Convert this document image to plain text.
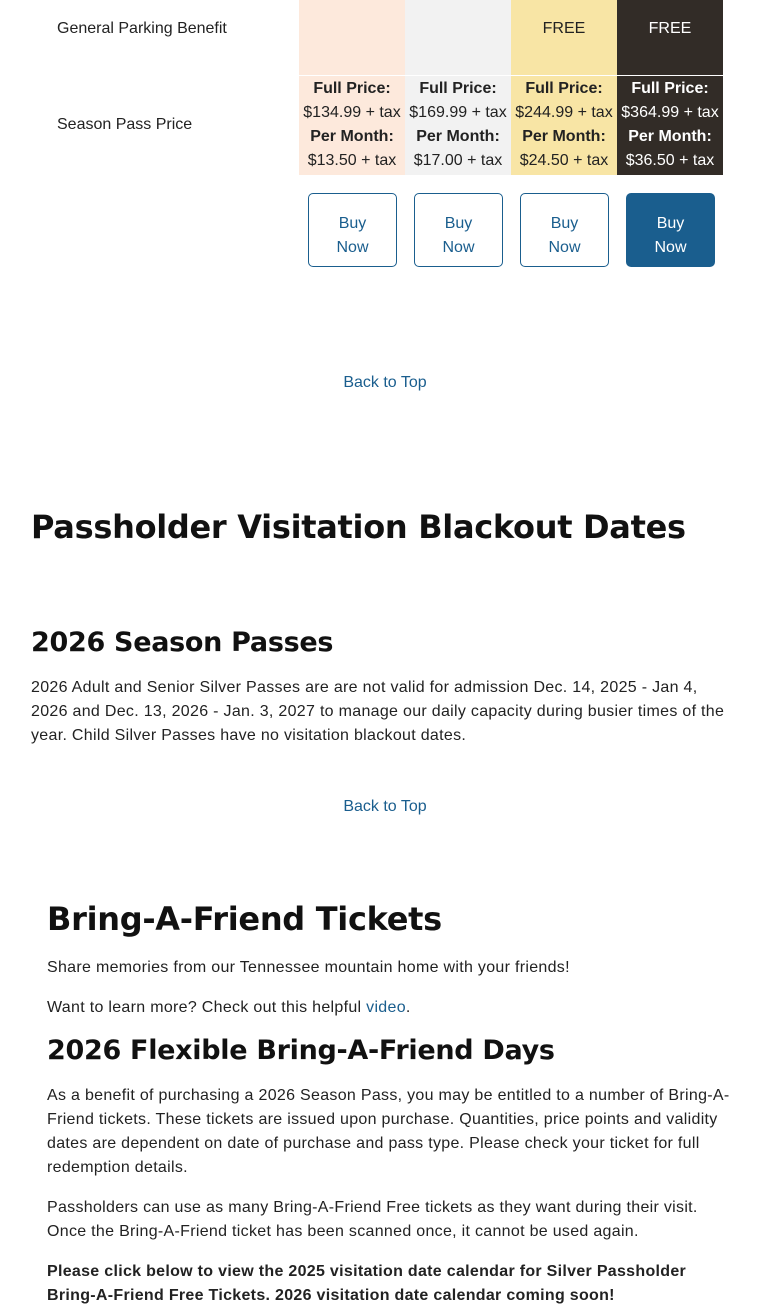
General Parking Benefit
Season Pass Price
FREE	FREE
Full Price:
$134.99 + tax
Per Month:
$13.50 + tax
Full Price:
$169.99 + tax
Per Month:
$17.00 + tax
Full Price:
$244.99 + tax
Per Month:
$24.50 + tax
Full Price:
$364.99 + tax
Per Month:
$36.50 + tax
Buy
Now
Buy
Now
Buy
Now
Buy
Now
Back to Top
Passholder Visitation Blackout Dates
2026 Season Passes

2026 Adult and Senior Silver Passes are are not valid for admission Dec. 14, 2025 - Jan 4, 2026 and Dec. 13, 2026 - Jan. 3, 2027 to manage our daily capacity during busier times of the year. Child Silver Passes have no visitation blackout dates.

Back to Top
Bring-A-Friend Tickets

Share memories from our Tennessee mountain home with your friends!

Want to learn more? Check out this helpful video.

2026 Flexible Bring-A-Friend Days

As a benefit of purchasing a 2026 Season Pass, you may be entitled to a number of Bring-A-Friend tickets. These tickets are issued upon purchase. Quantities, price points and validity dates are dependent on date of purchase and pass type. Please check your ticket for full redemption details.

Passholders can use as many Bring-A-Friend Free tickets as they want during their visit. Once the Bring-A-Friend ticket has been scanned once, it cannot be used again.

Please click below to view the 2025 visitation date calendar for Silver Passholder Bring-A-Friend Free Tickets. 2026 visitation date calendar coming soon!
